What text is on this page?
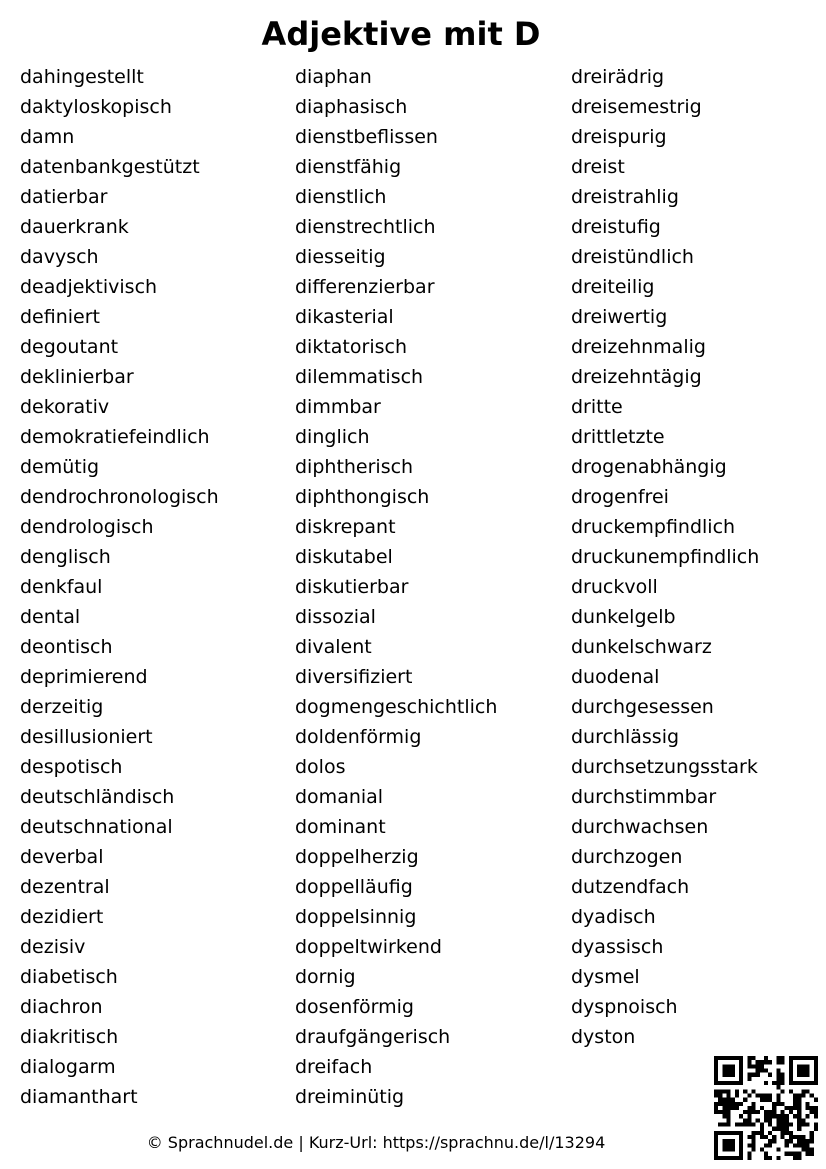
Adjektive mit D
dahingestellt
daktyloskopisch
damn
datenbankgestützt
datierbar
dauerkrank
davysch
deadjektivisch
definiert
degoutant
deklinierbar
dekorativ
demokratiefeindlich
demütig
dendrochronologisch
dendrologisch
denglisch
denkfaul
dental
deontisch
deprimierend
derzeitig
desillusioniert
despotisch
deutschländisch
deutschnational
deverbal
dezentral
dezidiert
dezisiv
diabetisch
diachron
diakritisch
dialogarm
diamanthart
diaphan
diaphasisch
dienstbeflissen
dienstfähig
dienstlich
dienstrechtlich
diesseitig
differenzierbar
dikasterial
diktatorisch
dilemmatisch
dimmbar
dinglich
diphtherisch
diphthongisch
diskrepant
diskutabel
diskutierbar
dissozial
divalent
diversifiziert
dogmengeschichtlich
doldenförmig
dolos
domanial
dominant
doppelherzig
doppelläufig
doppelsinnig
doppeltwirkend
dornig
dosenförmig
draufgängerisch
dreifach
dreiminütig
dreirädrig
dreisemestrig
dreispurig
dreist
dreistrahlig
dreistufig
dreistündlich
dreiteilig
dreiwertig
dreizehnmalig
dreizehntägig
dritte
drittletzte
drogenabhängig
drogenfrei
druckempfindlich
druckunempfindlich
druckvoll
dunkelgelb
dunkelschwarz
duodenal
durchgesessen
durchlässig
durchsetzungsstark
durchstimmbar
durchwachsen
durchzogen
dutzendfach
dyadisch
dyassisch
dysmel
dyspnoisch
dyston
© Sprachnudel.de | Kurz-Url: https://sprachnu.de/l/13294
